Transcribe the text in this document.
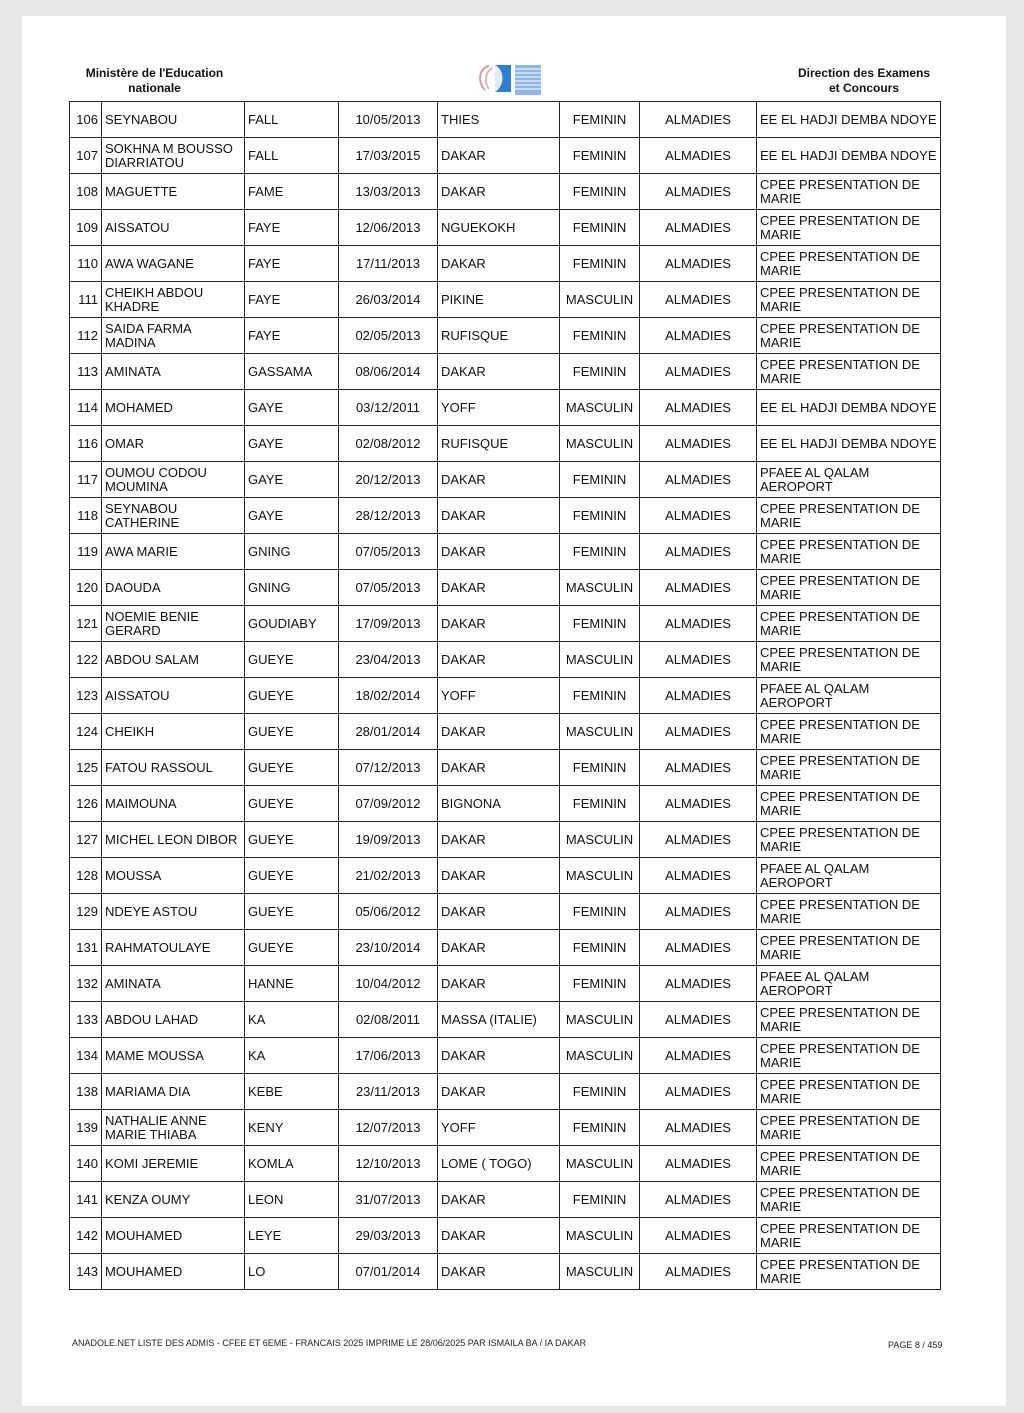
Ministère de l'Education
nationale
Direction des Examens
et Concours
106	SEYNABOU	FALL	10/05/2013	THIES	FEMININ	ALMADIES	EE EL HADJI DEMBA NDOYE
107	SOKHNA M BOUSSO DIARRIATOU	FALL	17/03/2015	DAKAR	FEMININ	ALMADIES	EE EL HADJI DEMBA NDOYE
108	MAGUETTE	FAME	13/03/2013	DAKAR	FEMININ	ALMADIES	CPEE PRESENTATION DE MARIE
109	AISSATOU	FAYE	12/06/2013	NGUEKOKH	FEMININ	ALMADIES	CPEE PRESENTATION DE MARIE
110	AWA WAGANE	FAYE	17/11/2013	DAKAR	FEMININ	ALMADIES	CPEE PRESENTATION DE MARIE
111	CHEIKH ABDOU KHADRE	FAYE	26/03/2014	PIKINE	MASCULIN	ALMADIES	CPEE PRESENTATION DE MARIE
112	SAIDA FARMA MADINA	FAYE	02/05/2013	RUFISQUE	FEMININ	ALMADIES	CPEE PRESENTATION DE MARIE
113	AMINATA	GASSAMA	08/06/2014	DAKAR	FEMININ	ALMADIES	CPEE PRESENTATION DE MARIE
114	MOHAMED	GAYE	03/12/2011	YOFF	MASCULIN	ALMADIES	EE EL HADJI DEMBA NDOYE
116	OMAR	GAYE	02/08/2012	RUFISQUE	MASCULIN	ALMADIES	EE EL HADJI DEMBA NDOYE
117	OUMOU CODOU MOUMINA	GAYE	20/12/2013	DAKAR	FEMININ	ALMADIES	PFAEE AL QALAM AEROPORT
118	SEYNABOU CATHERINE	GAYE	28/12/2013	DAKAR	FEMININ	ALMADIES	CPEE PRESENTATION DE MARIE
119	AWA MARIE	GNING	07/05/2013	DAKAR	FEMININ	ALMADIES	CPEE PRESENTATION DE MARIE
120	DAOUDA	GNING	07/05/2013	DAKAR	MASCULIN	ALMADIES	CPEE PRESENTATION DE MARIE
121	NOEMIE BENIE GERARD	GOUDIABY	17/09/2013	DAKAR	FEMININ	ALMADIES	CPEE PRESENTATION DE MARIE
122	ABDOU SALAM	GUEYE	23/04/2013	DAKAR	MASCULIN	ALMADIES	CPEE PRESENTATION DE MARIE
123	AISSATOU	GUEYE	18/02/2014	YOFF	FEMININ	ALMADIES	PFAEE AL QALAM AEROPORT
124	CHEIKH	GUEYE	28/01/2014	DAKAR	MASCULIN	ALMADIES	CPEE PRESENTATION DE MARIE
125	FATOU RASSOUL	GUEYE	07/12/2013	DAKAR	FEMININ	ALMADIES	CPEE PRESENTATION DE MARIE
126	MAIMOUNA	GUEYE	07/09/2012	BIGNONA	FEMININ	ALMADIES	CPEE PRESENTATION DE MARIE
127	MICHEL LEON DIBOR	GUEYE	19/09/2013	DAKAR	MASCULIN	ALMADIES	CPEE PRESENTATION DE MARIE
128	MOUSSA	GUEYE	21/02/2013	DAKAR	MASCULIN	ALMADIES	PFAEE AL QALAM AEROPORT
129	NDEYE ASTOU	GUEYE	05/06/2012	DAKAR	FEMININ	ALMADIES	CPEE PRESENTATION DE MARIE
131	RAHMATOULAYE	GUEYE	23/10/2014	DAKAR	FEMININ	ALMADIES	CPEE PRESENTATION DE MARIE
132	AMINATA	HANNE	10/04/2012	DAKAR	FEMININ	ALMADIES	PFAEE AL QALAM AEROPORT
133	ABDOU LAHAD	KA	02/08/2011	MASSA (ITALIE)	MASCULIN	ALMADIES	CPEE PRESENTATION DE MARIE
134	MAME MOUSSA	KA	17/06/2013	DAKAR	MASCULIN	ALMADIES	CPEE PRESENTATION DE MARIE
138	MARIAMA DIA	KEBE	23/11/2013	DAKAR	FEMININ	ALMADIES	CPEE PRESENTATION DE MARIE
139	NATHALIE ANNE MARIE THIABA	KENY	12/07/2013	YOFF	FEMININ	ALMADIES	CPEE PRESENTATION DE MARIE
140	KOMI JEREMIE	KOMLA	12/10/2013	LOME ( TOGO)	MASCULIN	ALMADIES	CPEE PRESENTATION DE MARIE
141	KENZA OUMY	LEON	31/07/2013	DAKAR	FEMININ	ALMADIES	CPEE PRESENTATION DE MARIE
142	MOUHAMED	LEYE	29/03/2013	DAKAR	MASCULIN	ALMADIES	CPEE PRESENTATION DE MARIE
143	MOUHAMED	LO	07/01/2014	DAKAR	MASCULIN	ALMADIES	CPEE PRESENTATION DE MARIE
ANADOLE.NET LISTE DES ADMIS - CFEE ET 6EME - FRANCAIS 2025 IMPRIME LE 28/06/2025 PAR ISMAILA BA / IA DAKAR	PAGE 8 / 459
